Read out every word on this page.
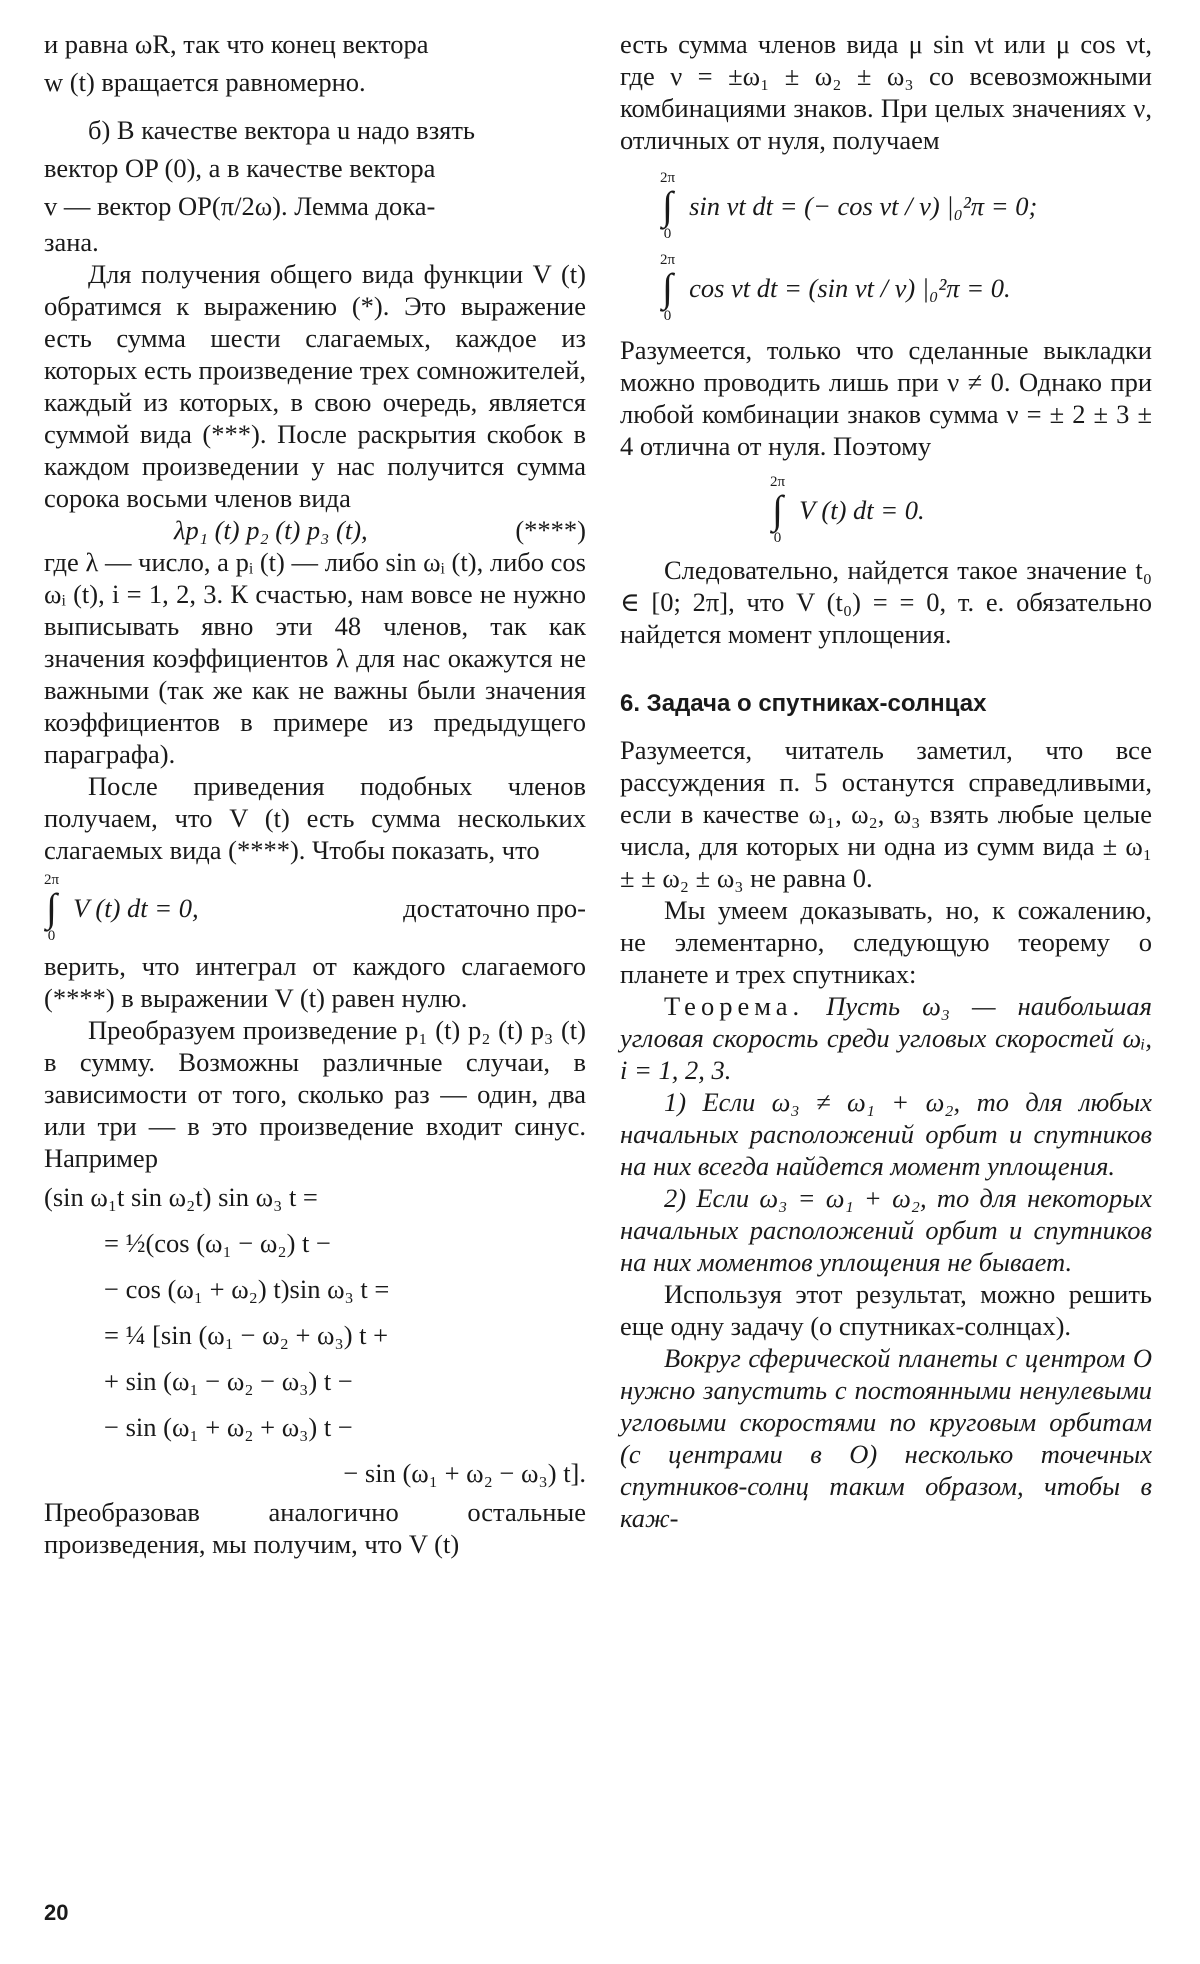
и равна ωR, так что конец вектора

w (t) вращается равномерно.

б) В качестве вектора u надо взять

вектор OP (0), а в качестве вектора

v — вектор OP(π/2ω). Лемма дока-

зана.

Для получения общего вида функции V (t) обратимся к выражению (*). Это выражение есть сумма шести слагаемых, каждое из которых есть произведение трех сомножителей, каждый из которых, в свою очередь, является суммой вида (***). После раскрытия скобок в каждом произведении у нас получится сумма сорока восьми членов вида

λp₁ (t) p₂ (t) p₃ (t),	(****)

где λ — число, а pᵢ (t) — либо sin ωᵢ (t), либо cos ωᵢ (t), i = 1, 2, 3. К счастью, нам вовсе не нужно выписывать явно эти 48 членов, так как значения коэффициентов λ для нас окажутся не важными (так же как не важны были значения коэффициентов в примере из предыдущего параграфа).

После приведения подобных членов получаем, что V (t) есть сумма нескольких слагаемых вида (****). Чтобы показать, что

2π
∫
0
V (t) dt = 0,	достаточно про-

верить, что интеграл от каждого слагаемого (****) в выражении V (t) равен нулю.

Преобразуем произведение p₁ (t) p₂ (t) p₃ (t) в сумму. Возможны различные случаи, в зависимости от того, сколько раз — один, два или три — в это произведение входит синус. Например

(sin ω₁t sin ω₂t) sin ω₃ t =
= ½(cos (ω₁ − ω₂) t −
− cos (ω₁ + ω₂) t)sin ω₃ t =
= ¼ [sin (ω₁ − ω₂ + ω₃) t +
+ sin (ω₁ − ω₂ − ω₃) t −
− sin (ω₁ + ω₂ + ω₃) t −
− sin (ω₁ + ω₂ − ω₃) t].

Преобразовав аналогично остальные произведения, мы получим, что V (t)

есть сумма членов вида μ sin νt или μ cos νt, где ν = ±ω₁ ± ω₂ ± ω₃ со всевозможными комбинациями знаков. При целых значениях ν, отличных от нуля, получаем

2π
∫
0
sin νt dt = (− cos νt / ν) |₀²π = 0;
2π
∫
0
cos νt dt = (sin νt / ν) |₀²π = 0.

Разумеется, только что сделанные выкладки можно проводить лишь при ν ≠ 0. Однако при любой комбинации знаков сумма ν = ± 2 ± 3 ± 4 отлична от нуля. Поэтому

2π
∫
0
V (t) dt = 0.

Следовательно, найдется такое значение t₀ ∈ [0; 2π], что V (t₀) = = 0, т. е. обязательно найдется момент уплощения.

6. Задача о спутниках-солнцах

Разумеется, читатель заметил, что все рассуждения п. 5 останутся справедливыми, если в качестве ω₁, ω₂, ω₃ взять любые целые числа, для которых ни одна из сумм вида ± ω₁ ± ± ω₂ ± ω₃ не равна 0.

Мы умеем доказывать, но, к сожалению, не элементарно, следующую теорему о планете и трех спутниках:

Теорема. Пусть ω₃ — наибольшая угловая скорость среди угловых скоростей ωᵢ, i = 1, 2, 3.

1) Если ω₃ ≠ ω₁ + ω₂, то для любых начальных расположений орбит и спутников на них всегда найдется момент уплощения.

2) Если ω₃ = ω₁ + ω₂, то для некоторых начальных расположений орбит и спутников на них моментов уплощения не бывает.

Используя этот результат, можно решить еще одну задачу (о спутниках-солнцах).

Вокруг сферической планеты с центром O нужно запустить с постоянными ненулевыми угловыми скоростями по круговым орбитам (с центрами в O) несколько точечных спутников-солнц таким образом, чтобы в каж-

20
